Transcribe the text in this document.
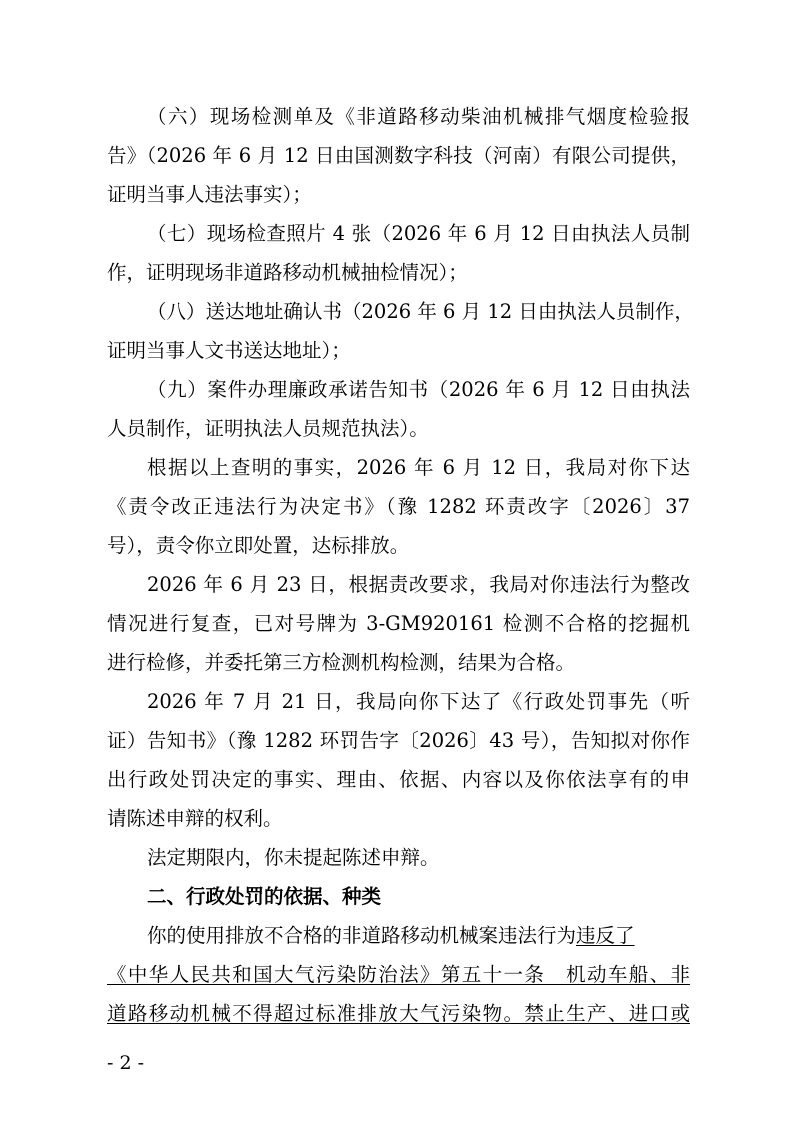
（六）现场检测单及《非道路移动柴油机械排气烟度检验报
告》（2026 年 6 月 12 日由国测数字科技（河南）有限公司提供，
证明当事人违法事实）；
（七）现场检查照片 4 张（2026 年 6 月 12 日由执法人员制
作，证明现场非道路移动机械抽检情况）；
（八）送达地址确认书（2026 年 6 月 12 日由执法人员制作，
证明当事人文书送达地址）；
（九）案件办理廉政承诺告知书（2026 年 6 月 12 日由执法
人员制作，证明执法人员规范执法）。
根据以上查明的事实，2026 年 6 月 12 日，我局对你下达
《责令改正违法行为决定书》（豫 1282 环责改字〔2026〕37
号），责令你立即处置，达标排放。
2026 年 6 月 23 日，根据责改要求，我局对你违法行为整改
情况进行复查，已对号牌为 3-GM920161 检测不合格的挖掘机
进行检修，并委托第三方检测机构检测，结果为合格。
2026 年 7 月 21 日，我局向你下达了《行政处罚事先（听
证）告知书》（豫 1282 环罚告字〔2026〕43 号），告知拟对你作
出行政处罚决定的事实、理由、依据、内容以及你依法享有的申
请陈述申辩的权利。
法定期限内，你未提起陈述申辩。
二、行政处罚的依据、种类
你的使用排放不合格的非道路移动机械案违法行为违反了
《中华人民共和国大气污染防治法》第五十一条　机动车船、非
道路移动机械不得超过标准排放大气污染物。禁止生产、进口或
- 2 -
